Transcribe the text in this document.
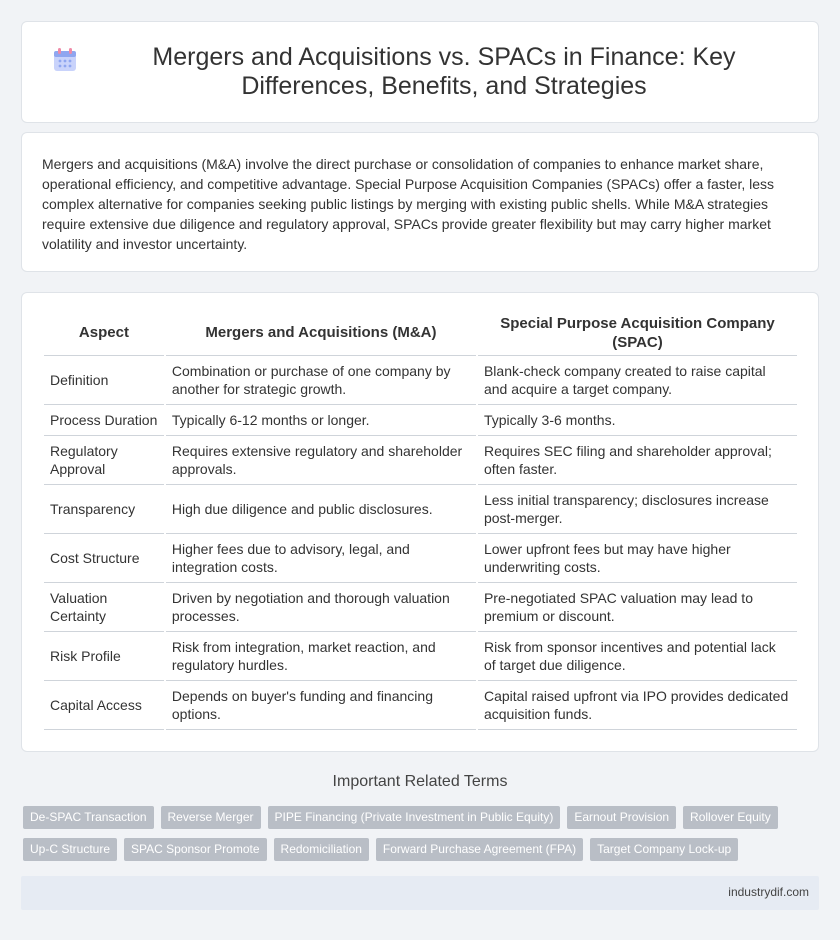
Mergers and Acquisitions vs. SPACs in Finance: Key Differences, Benefits, and Strategies

Mergers and acquisitions (M&A) involve the direct purchase or consolidation of companies to enhance market share, operational efficiency, and competitive advantage. Special Purpose Acquisition Companies (SPACs) offer a faster, less complex alternative for companies seeking public listings by merging with existing public shells. While M&A strategies require extensive due diligence and regulatory approval, SPACs provide greater flexibility but may carry higher market volatility and investor uncertainty.

Aspect	Mergers and Acquisitions (M&A)	Special Purpose Acquisition Company (SPAC)
Definition	Combination or purchase of one company by another for strategic growth.	Blank-check company created to raise capital and acquire a target company.
Process Duration	Typically 6-12 months or longer.	Typically 3-6 months.
Regulatory Approval	Requires extensive regulatory and shareholder approvals.	Requires SEC filing and shareholder approval; often faster.
Transparency	High due diligence and public disclosures.	Less initial transparency; disclosures increase post-merger.
Cost Structure	Higher fees due to advisory, legal, and integration costs.	Lower upfront fees but may have higher underwriting costs.
Valuation Certainty	Driven by negotiation and thorough valuation processes.	Pre-negotiated SPAC valuation may lead to premium or discount.
Risk Profile	Risk from integration, market reaction, and regulatory hurdles.	Risk from sponsor incentives and potential lack of target due diligence.
Capital Access	Depends on buyer's funding and financing options.	Capital raised upfront via IPO provides dedicated acquisition funds.
Important Related Terms
De-SPAC Transaction	Reverse Merger	PIPE Financing (Private Investment in Public Equity)	Earnout Provision	Rollover Equity
Up-C Structure	SPAC Sponsor Promote	Redomiciliation	Forward Purchase Agreement (FPA)	Target Company Lock-up
industrydif.com
